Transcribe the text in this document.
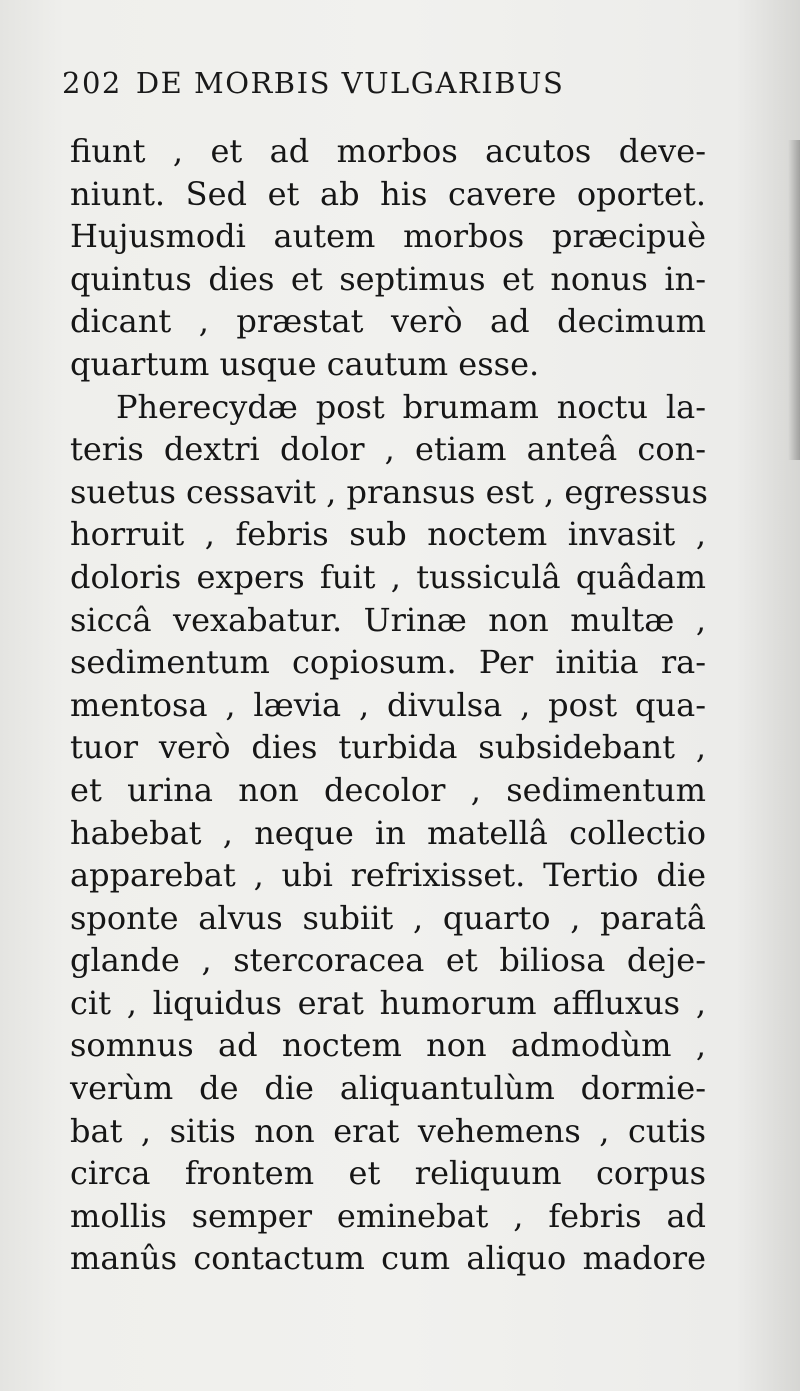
202 DE MORBIS VULGARIBUS
fiunt , et ad morbos acutos deve-
niunt. Sed et ab his cavere oportet.
Hujusmodi autem morbos præcipuè
quintus dies et septimus et nonus in-
dicant , præstat verò ad decimum
quartum usque cautum esse.
Pherecydæ post brumam noctu la-
teris dextri dolor , etiam anteâ con-
suetus cessavit , pransus est , egressus
horruit , febris sub noctem invasit ,
doloris expers fuit , tussiculâ quâdam
siccâ vexabatur. Urinæ non multæ ,
sedimentum copiosum. Per initia ra-
mentosa , lævia , divulsa , post qua-
tuor verò dies turbida subsidebant ,
et urina non decolor , sedimentum
habebat , neque in matellâ collectio
apparebat , ubi refrixisset. Tertio die
sponte alvus subiit , quarto , paratâ
glande , stercoracea et biliosa deje-
cit , liquidus erat humorum affluxus ,
somnus ad noctem non admodùm ,
verùm de die aliquantulùm dormie-
bat , sitis non erat vehemens , cutis
circa frontem et reliquum corpus
mollis semper eminebat , febris ad
manûs contactum cum aliquo madore
